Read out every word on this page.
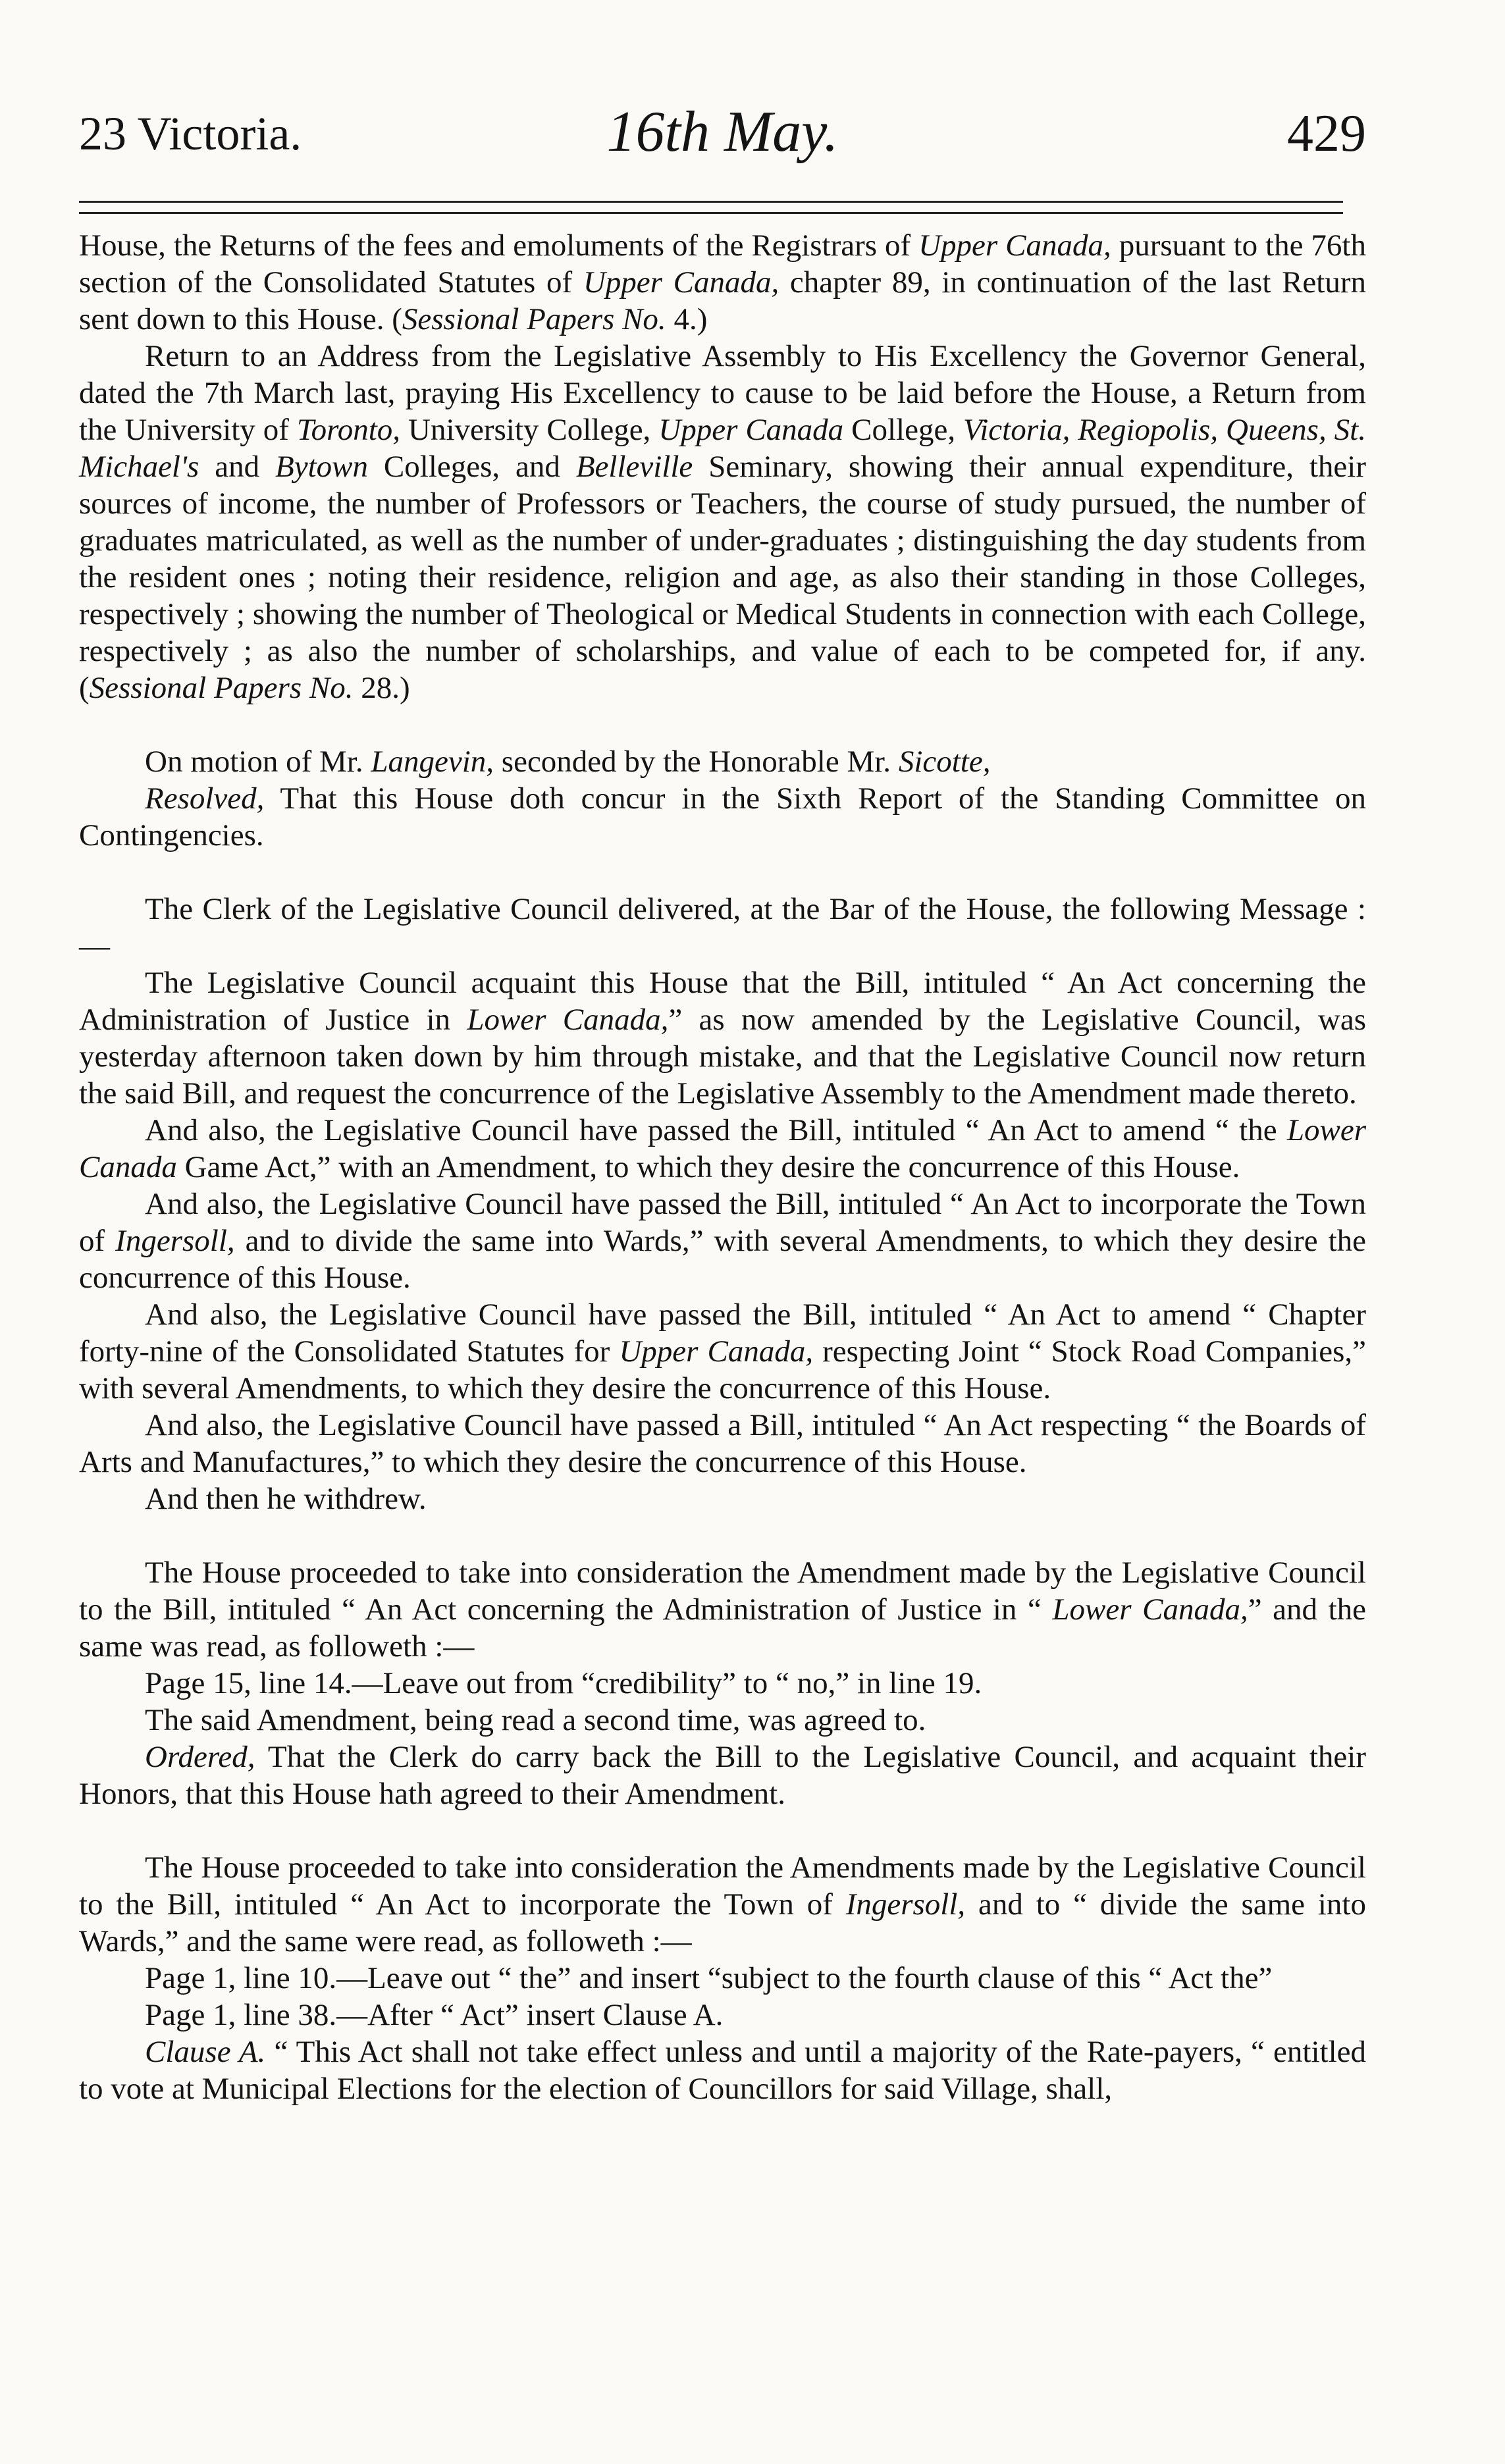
23 Victoria.	16th May.	429

House, the Returns of the fees and emoluments of the Registrars of Upper Canada, pursuant to the 76th section of the Consolidated Statutes of Upper Canada, chapter 89, in continuation of the last Return sent down to this House. (Sessional Papers No. 4.)

Return to an Address from the Legislative Assembly to His Excellency the Governor General, dated the 7th March last, praying His Excellency to cause to be laid before the House, a Return from the University of Toronto, University College, Upper Canada College, Victoria, Regiopolis, Queens, St. Michael's and Bytown Colleges, and Belleville Seminary, showing their annual expenditure, their sources of income, the number of Professors or Teachers, the course of study pursued, the number of graduates matriculated, as well as the number of under-graduates ; distinguishing the day students from the resident ones ; noting their residence, religion and age, as also their standing in those Colleges, respectively ; showing the number of Theological or Medical Students in connection with each College, respectively ; as also the number of scholarships, and value of each to be competed for, if any. (Sessional Papers No. 28.)

On motion of Mr. Langevin, seconded by the Honorable Mr. Sicotte,

Resolved, That this House doth concur in the Sixth Report of the Standing Committee on Contingencies.

The Clerk of the Legislative Council delivered, at the Bar of the House, the following Message :—

The Legislative Council acquaint this House that the Bill, intituled “ An Act concerning the Administration of Justice in Lower Canada,” as now amended by the Legislative Council, was yesterday afternoon taken down by him through mistake, and that the Legislative Council now return the said Bill, and request the concurrence of the Legislative Assembly to the Amendment made thereto.

And also, the Legislative Council have passed the Bill, intituled “ An Act to amend “ the Lower Canada Game Act,” with an Amendment, to which they desire the concurrence of this House.

And also, the Legislative Council have passed the Bill, intituled “ An Act to incorporate the Town of Ingersoll, and to divide the same into Wards,” with several Amendments, to which they desire the concurrence of this House.

And also, the Legislative Council have passed the Bill, intituled “ An Act to amend “ Chapter forty-nine of the Consolidated Statutes for Upper Canada, respecting Joint “ Stock Road Companies,” with several Amendments, to which they desire the concurrence of this House.

And also, the Legislative Council have passed a Bill, intituled “ An Act respecting “ the Boards of Arts and Manufactures,” to which they desire the concurrence of this House.

And then he withdrew.

The House proceeded to take into consideration the Amendment made by the Legislative Council to the Bill, intituled “ An Act concerning the Administration of Justice in “ Lower Canada,” and the same was read, as followeth :—

Page 15, line 14.—Leave out from “credibility” to “ no,” in line 19.

The said Amendment, being read a second time, was agreed to.

Ordered, That the Clerk do carry back the Bill to the Legislative Council, and acquaint their Honors, that this House hath agreed to their Amendment.

The House proceeded to take into consideration the Amendments made by the Legislative Council to the Bill, intituled “ An Act to incorporate the Town of Ingersoll, and to “ divide the same into Wards,” and the same were read, as followeth :—

Page 1, line 10.—Leave out “ the” and insert “subject to the fourth clause of this “ Act the”

Page 1, line 38.—After “ Act” insert Clause A.

Clause A. “ This Act shall not take effect unless and until a majority of the Rate-payers, “ entitled to vote at Municipal Elections for the election of Councillors for said Village, shall,
